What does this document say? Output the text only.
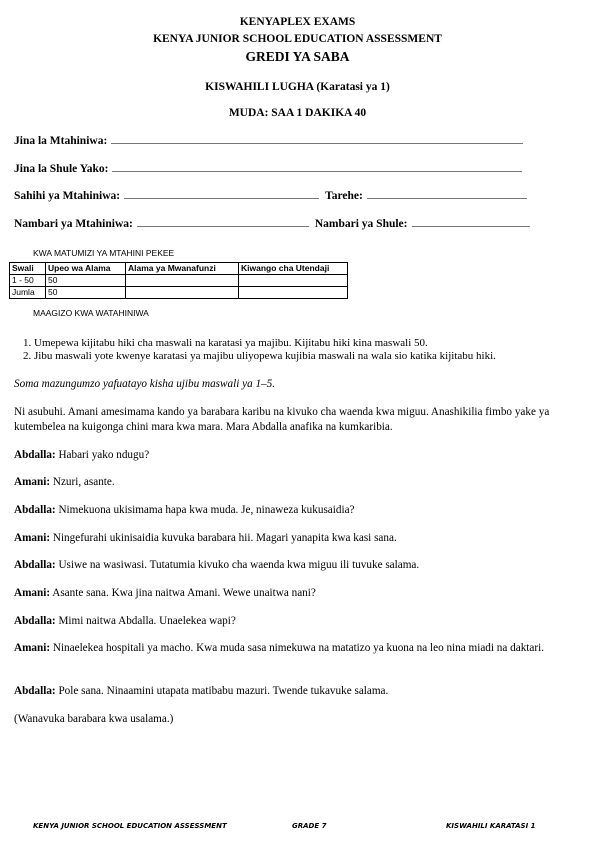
KENYAPLEX EXAMS
KENYA JUNIOR SCHOOL EDUCATION ASSESSMENT
GREDI YA SABA
KISWAHILI LUGHA (Karatasi ya 1)
MUDA: SAA 1 DAKIKA 40
Jina la Mtahiniwa:
Jina la Shule Yako:
Sahihi ya Mtahiniwa:	Tarehe:
Nambari ya Mtahiniwa:	Nambari ya Shule:
KWA MATUMIZI YA MTAHINI PEKEE
Swali	Upeo wa Alama	Alama ya Mwanafunzi	Kiwango cha Utendaji
1 - 50	50		
Jumla	50		
MAAGIZO KWA WATAHINIWA
1. Umepewa kijitabu hiki cha maswali na karatasi ya majibu. Kijitabu hiki kina maswali 50.
2. Jibu maswali yote kwenye karatasi ya majibu uliyopewa kujibia maswali na wala sio katika kijitabu hiki.
Soma mazungumzo yafuatayo kisha ujibu maswali ya 1–5.
Ni asubuhi. Amani amesimama kando ya barabara karibu na kivuko cha waenda kwa miguu. Anashikilia fimbo yake ya kutembelea na kuigonga chini mara kwa mara. Mara Abdalla anafika na kumkaribia.
Abdalla: Habari yako ndugu?
Amani: Nzuri, asante.
Abdalla: Nimekuona ukisimama hapa kwa muda. Je, ninaweza kukusaidia?
Amani: Ningefurahi ukinisaidia kuvuka barabara hii. Magari yanapita kwa kasi sana.
Abdalla: Usiwe na wasiwasi. Tutatumia kivuko cha waenda kwa miguu ili tuvuke salama.
Amani: Asante sana. Kwa jina naitwa Amani. Wewe unaitwa nani?
Abdalla: Mimi naitwa Abdalla. Unaelekea wapi?
Amani: Ninaelekea hospitali ya macho. Kwa muda sasa nimekuwa na matatizo ya kuona na leo nina miadi na daktari.
Abdalla: Pole sana. Ninaamini utapata matibabu mazuri. Twende tukavuke salama.
(Wanavuka barabara kwa usalama.)
KENYA JUNIOR SCHOOL EDUCATION ASSESSMENT	GRADE 7	KISWAHILI KARATASI 1
